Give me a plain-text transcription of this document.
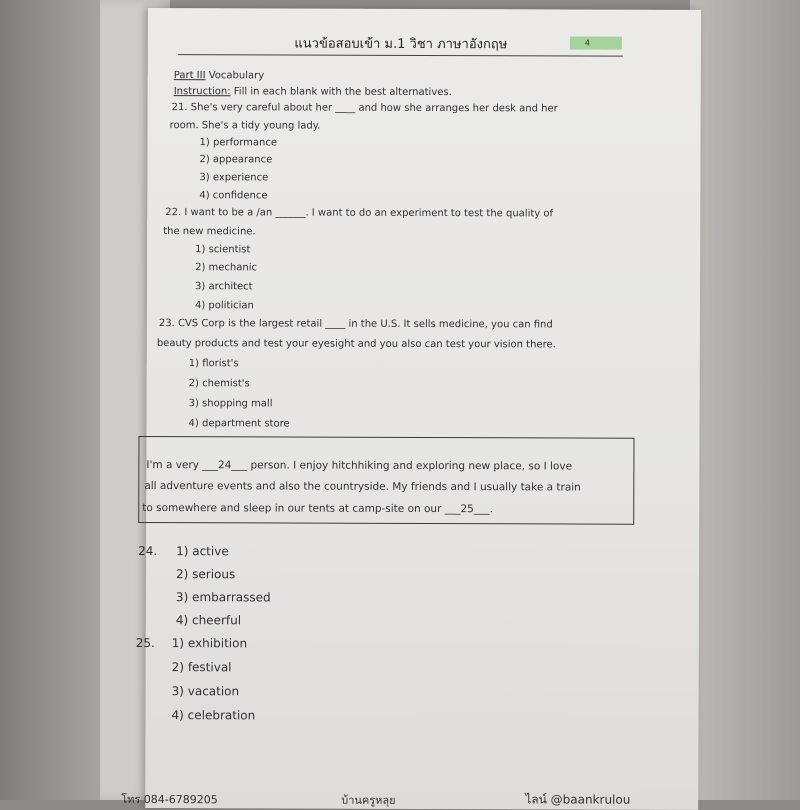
แนวข้อสอบเข้า ม.1 วิชา ภาษาอังกฤษ	4
Part III Vocabulary
Instruction: Fill in each blank with the best alternatives.
21. She's very careful about her ____ and how she arranges her desk and her
room. She's a tidy young lady.
1) performance
2) appearance
3) experience
4) confidence
22. I want to be a /an ______. I want to do an experiment to test the quality of
the new medicine.
1) scientist
2) mechanic
3) architect
4) politician
23. CVS Corp is the largest retail ____ in the U.S. It sells medicine, you can find
beauty products and test your eyesight and you also can test your vision there.
1) florist's
2) chemist's
3) shopping mall
4) department store
I'm a very ___24___ person. I enjoy hitchhiking and exploring new place, so I love
all adventure events and also the countryside. My friends and I usually take a train
to somewhere and sleep in our tents at camp-site on our ___25___.
24. 1) active
2) serious
3) embarrassed
4) cheerful
25. 1) exhibition
2) festival
3) vacation
4) celebration
โทร 084-6789205	บ้านครูหลุย	ไลน์ @baankrulou
